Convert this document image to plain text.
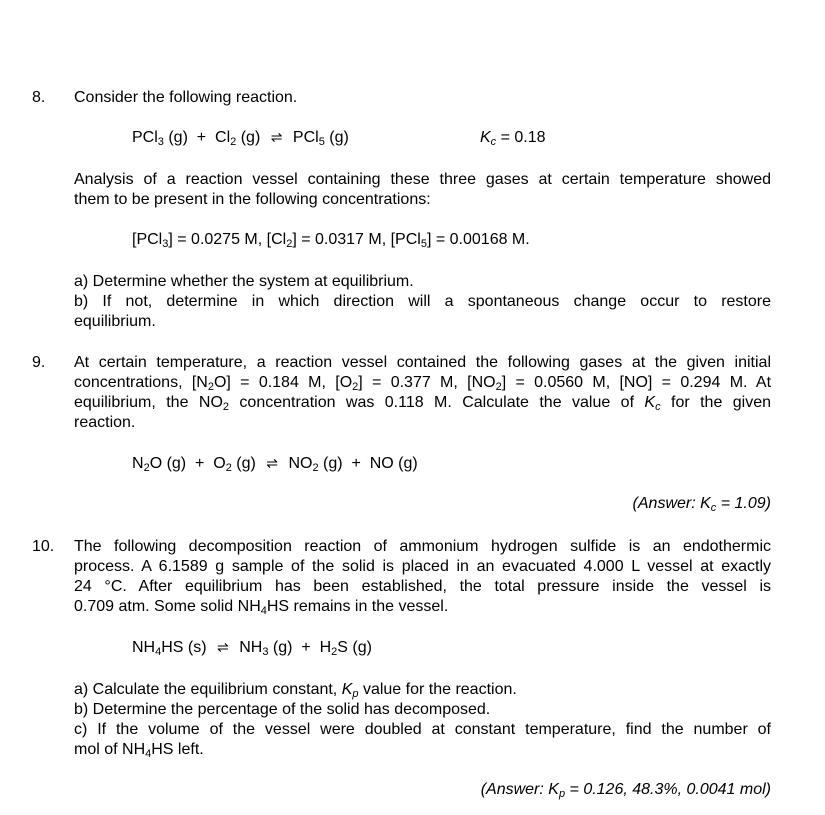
8. Consider the following reaction.
PCl$_3$ $(g) + Cl_2$ (g) ⇌ PCl$_5$ (g)	$K_c = 0.18$
Analysis of a reaction vessel containing these three gases at certain temperature showed
them to be present in the following concentrations:
[PCl$_3$] = 0.0275 M, $[Cl_2] = 0.0317$ M, [PCl$_5$] = 0.00168 M.
a) Determine whether the system at equilibrium.
b) If not, determine in which direction will a spontaneous change occur to restore
equilibrium.
9. At certain temperature, a reaction vessel contained the following gases at the given initial
concentrations, $[N_2O] = 0.184$ M, $[O_2] = 0.377$ M, $[NO_2] = 0.0560$ M, [NO] = 0.294 M. At
equilibrium, the $NO_2$ concentration was 0.118 M. Calculate the value of $K_c$ for the given
reaction.
$N_2O$ $(g) + O_2$ (g) ⇌ $NO_2$ (g) + NO (g)
(Answer: $K_c = 1.09$)
10. The following decomposition reaction of ammonium hydrogen sulfide is an endothermic
process. A 6.1589 g sample of the solid is placed in an evacuated 4.000 L vessel at exactly
24 °C. After equilibrium has been established, the total pressure inside the vessel is
0.709 atm. Some solid $NH_4HS$ remains in the vessel.
$NH_4HS$ (s) ⇌ $NH_3$ $(g) + H_2S$ (g)
a) Calculate the equilibrium constant, $K_p$ value for the reaction.
b) Determine the percentage of the solid has decomposed.
c) If the volume of the vessel were doubled at constant temperature, find the number of
mol of $NH_4HS$ left.
(Answer: $K_p = 0.126$, 48.3%, 0.0041 mol)
